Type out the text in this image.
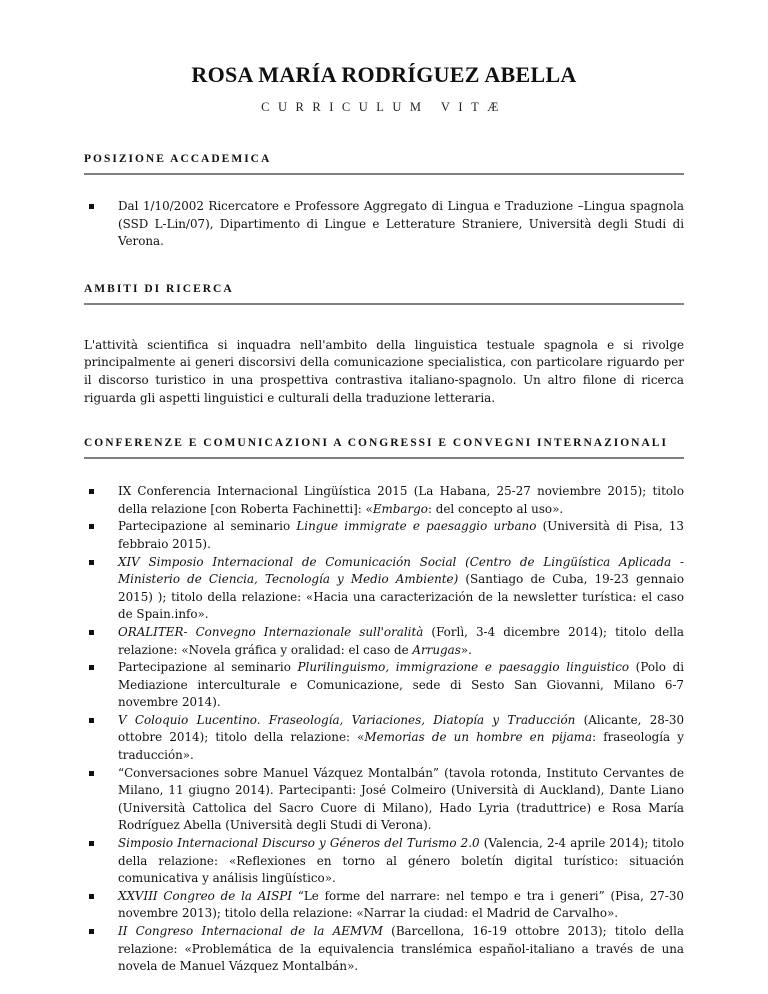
ROSA MARÍA RODRÍGUEZ ABELLA

CURRICULUM VITÆ

POSIZIONE ACCADEMICA
Dal 1/10/2002 Ricercatore e Professore Aggregato di Lingua e Traduzione –Lingua spagnola (SSD L-Lin/07), Dipartimento di Lingue e Letterature Straniere, Università degli Studi di Verona.
AMBITI DI RICERCA

L'attività scientifica si inquadra nell'ambito della linguistica testuale spagnola e si rivolge principalmente ai generi discorsivi della comunicazione specialistica, con particolare riguardo per il discorso turistico in una prospettiva contrastiva italiano-spagnolo. Un altro filone di ricerca riguarda gli aspetti linguistici e culturali della traduzione letteraria.

CONFERENZE E COMUNICAZIONI A CONGRESSI E CONVEGNI INTERNAZIONALI
IX Conferencia Internacional Lingüística 2015 (La Habana, 25-27 noviembre 2015); titolo della relazione [con Roberta Fachinetti]: «Embargo: del concepto al uso».
Partecipazione al seminario Lingue immigrate e paesaggio urbano (Università di Pisa, 13 febbraio 2015).
XIV Simposio Internacional de Comunicación Social (Centro de Lingüística Aplicada - Ministerio de Ciencia, Tecnología y Medio Ambiente) (Santiago de Cuba, 19-23 gennaio 2015) ); titolo della relazione: «Hacia una caracterización de la newsletter turística: el caso de Spain.info».
ORALITER- Convegno Internazionale sull'oralità (Forlì, 3-4 dicembre 2014); titolo della relazione: «Novela gráfica y oralidad: el caso de Arrugas».
Partecipazione al seminario Plurilinguismo, immigrazione e paesaggio linguistico (Polo di Mediazione interculturale e Comunicazione, sede di Sesto San Giovanni, Milano 6-7 novembre 2014).
V Coloquio Lucentino. Fraseología, Variaciones, Diatopía y Traducción (Alicante, 28-30 ottobre 2014); titolo della relazione: «Memorias de un hombre en pijama: fraseología y traducción».
“Conversaciones sobre Manuel Vázquez Montalbán” (tavola rotonda, Instituto Cervantes de Milano, 11 giugno 2014). Partecipanti: José Colmeiro (Università di Auckland), Dante Liano (Università Cattolica del Sacro Cuore di Milano), Hado Lyria (traduttrice) e Rosa María Rodríguez Abella (Università degli Studi di Verona).
Simposio Internacional Discurso y Géneros del Turismo 2.0 (Valencia, 2-4 aprile 2014); titolo della relazione: «Reflexiones en torno al género boletín digital turístico: situación comunicativa y análisis lingüístico».
XXVIII Congreo de la AISPI “Le forme del narrare: nel tempo e tra i generi” (Pisa, 27-30 novembre 2013); titolo della relazione: «Narrar la ciudad: el Madrid de Carvalho».
II Congreso Internacional de la AEMVM (Barcellona, 16-19 ottobre 2013); titolo della relazione: «Problemática de la equivalencia translémica español-italiano a través de una novela de Manuel Vázquez Montalbán».
